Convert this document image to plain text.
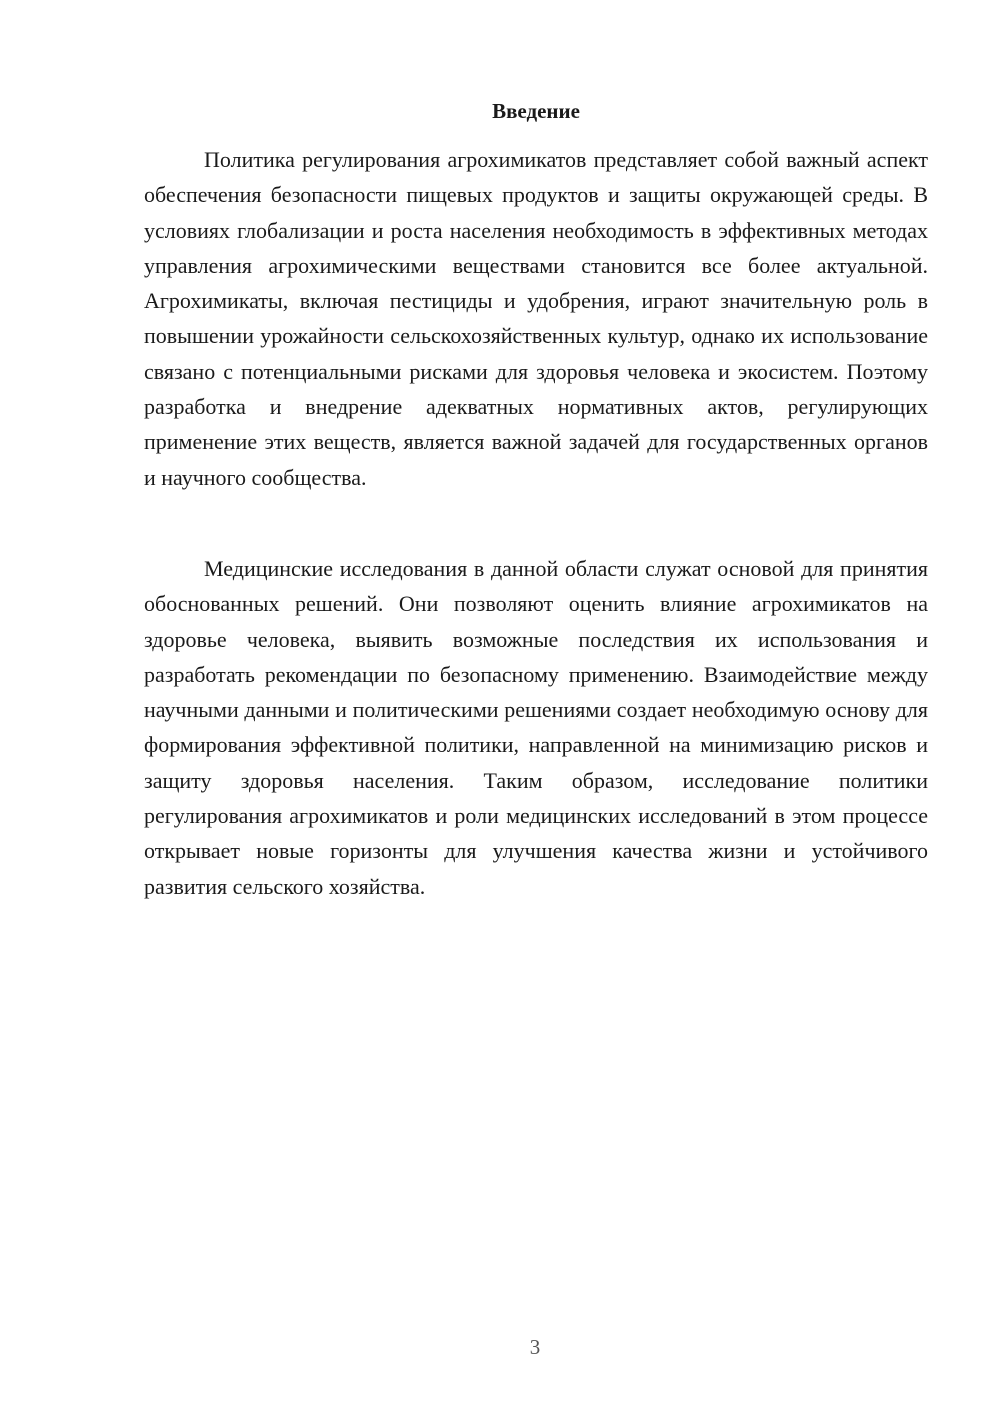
Введение

Политика регулирования агрохимикатов представляет собой важный аспект обеспечения безопасности пищевых продуктов и защиты окружающей среды. В условиях глобализации и роста населения необходимость в эффективных методах управления агрохимическими веществами становится все более актуальной. Агрохимикаты, включая пестициды и удобрения, играют значительную роль в повышении урожайности сельскохозяйственных культур, однако их использование связано с потенциальными рисками для здоровья человека и экосистем. Поэтому разработка и внедрение адекватных нормативных актов, регулирующих применение этих веществ, является важной задачей для государственных органов и научного сообщества.

Медицинские исследования в данной области служат основой для принятия обоснованных решений. Они позволяют оценить влияние агрохимикатов на здоровье человека, выявить возможные последствия их использования и разработать рекомендации по безопасному применению. Взаимодействие между научными данными и политическими решениями создает необходимую основу для формирования эффективной политики, направленной на минимизацию рисков и защиту здоровья населения. Таким образом, исследование политики регулирования агрохимикатов и роли медицинских исследований в этом процессе открывает новые горизонты для улучшения качества жизни и устойчивого развития сельского хозяйства.

3
